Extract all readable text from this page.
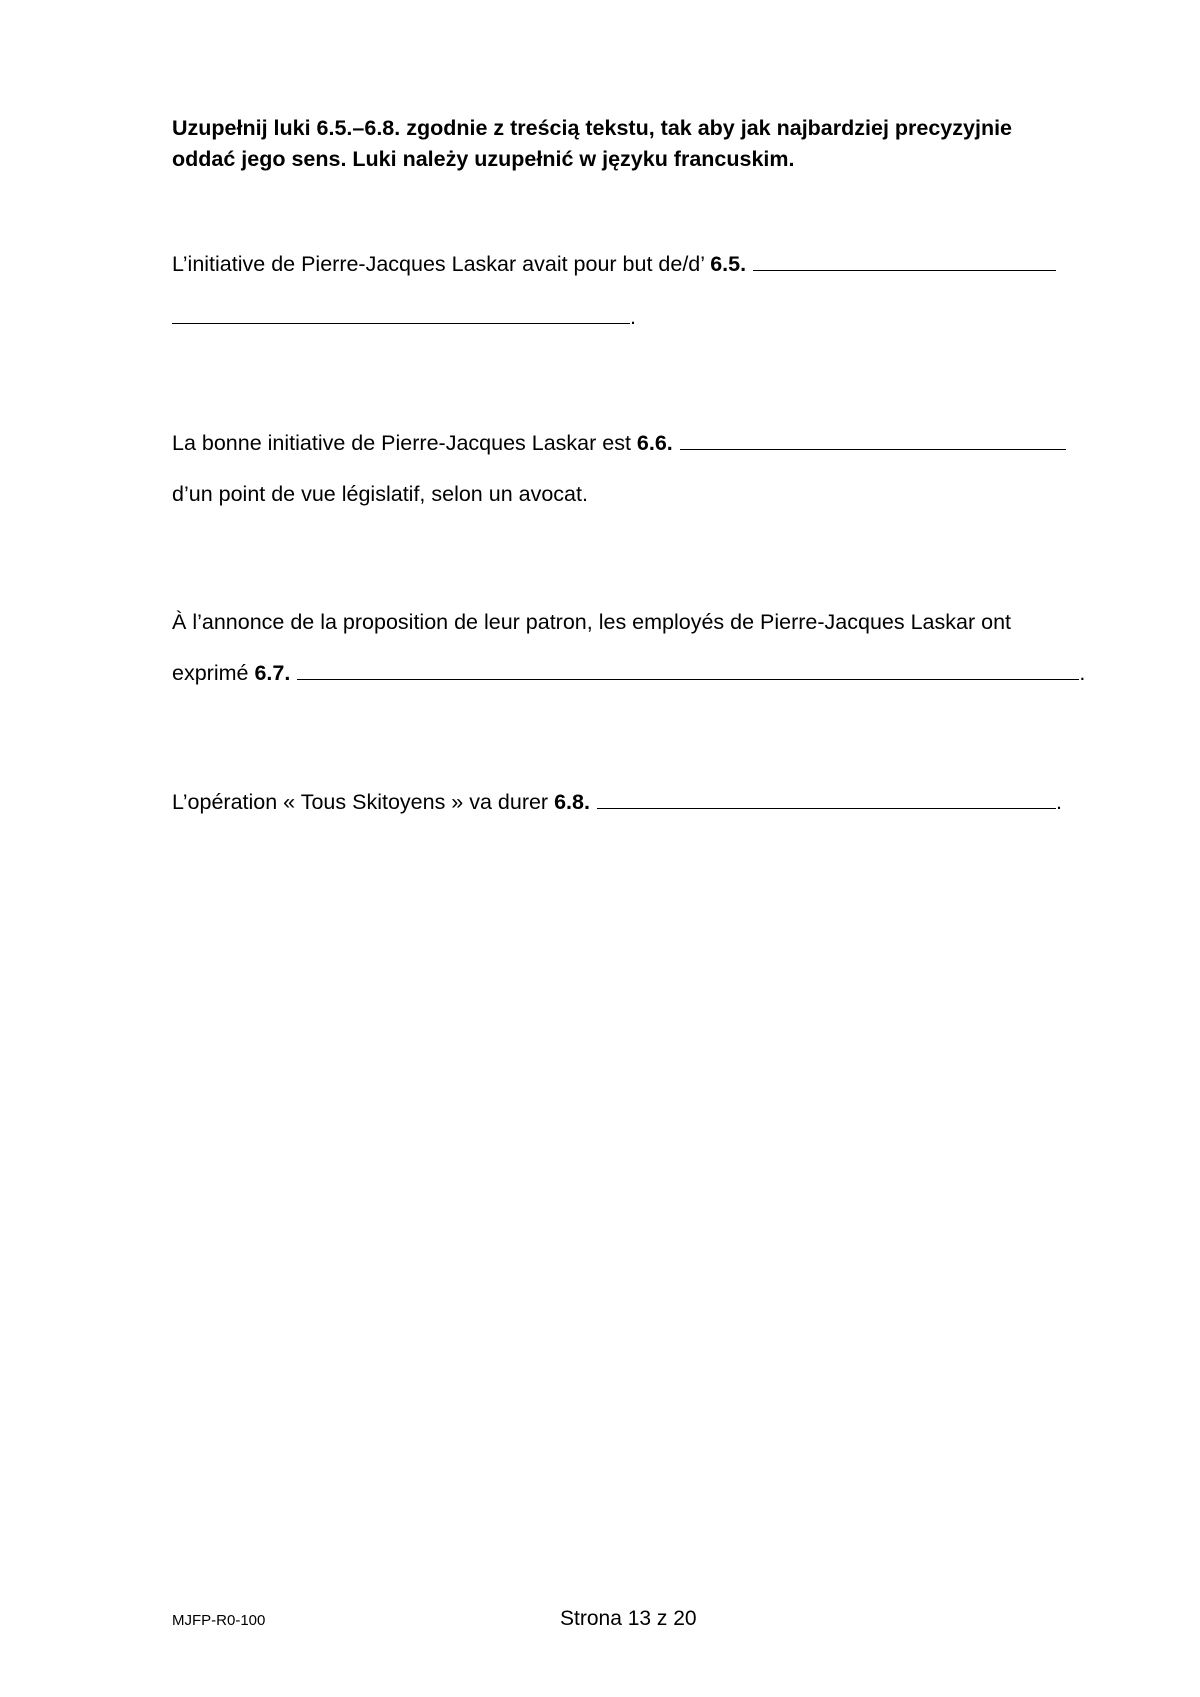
Uzupełnij luki 6.5.–6.8. zgodnie z treścią tekstu, tak aby jak najbardziej precyzyjnie oddać jego sens. Luki należy uzupełnić w języku francuskim.
L’initiative de Pierre-Jacques Laskar avait pour but de/d’ 6.5.
.
La bonne initiative de Pierre-Jacques Laskar est 6.6.
d’un point de vue législatif, selon un avocat.
À l’annonce de la proposition de leur patron, les employés de Pierre-Jacques Laskar ont
exprimé 6.7.	.
L’opération « Tous Skitoyens » va durer 6.8.	.
MJFP-R0-100	Strona 13 z 20
